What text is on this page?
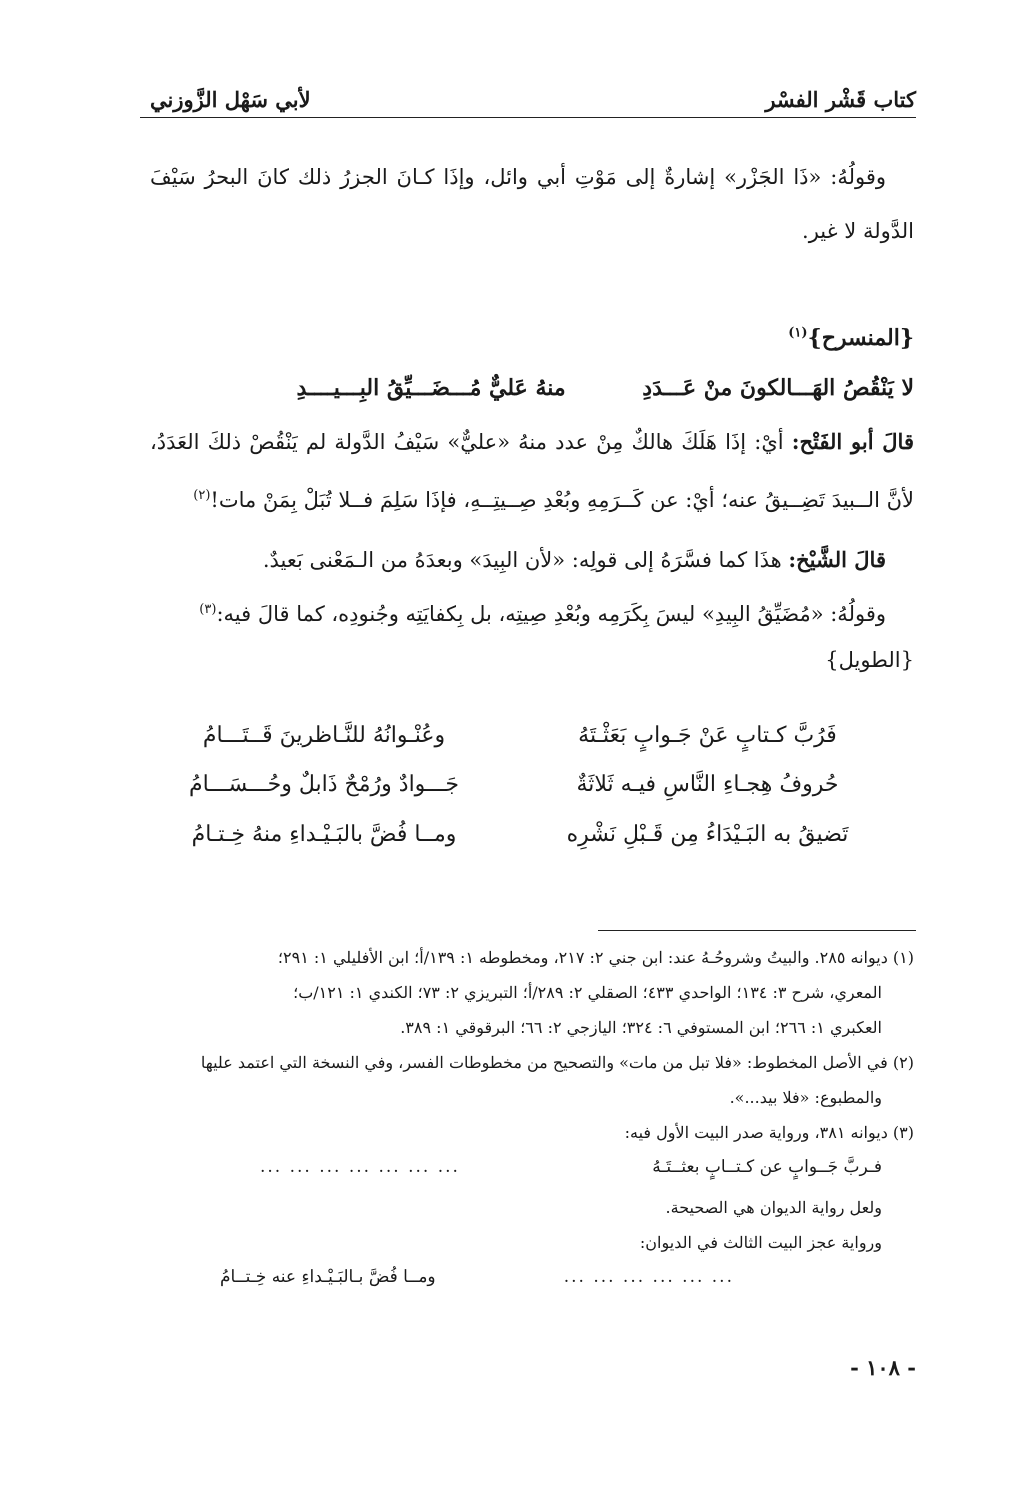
كتاب قَشْر الفسْر
لأبي سَهْل الزَّوزني

وقولُهُ: «ذَا الجَزْر» إشارةٌ إلى مَوْتِ أبي وائل، وإذَا كـانَ الجزرُ ذلك كانَ البحرُ سَيْفَ الدَّولة لا غير.

{المنسرح}$^{(١)}$
لا يَنْقُصُ الهَـــالكونَ منْ عَـــدَدِ          منهُ عَليٌّ مُـــضَـــيِّقُ البِـــيــــدِ

قالَ أبو الفَتْح: أيْ: إذَا هَلَكَ هالكٌ مِنْ عدد منهُ «عليٌّ» سَيْفُ الدَّولة لم يَنْقُصْ ذلكَ العَدَدُ، لأنَّ الــبيدَ تَضِــيقُ عنه؛ أيْ: عن كَــرَمِهِ وبُعْدِ صِــيتِــهِ، فإذَا سَلِمَ فــلا تُبَلْ بِمَنْ مات!$^{(٢)}$

قالَ الشَّيْخ: هذَا كما فسَّرَهُ إلى قولِه: «لأن البِيدَ» وبعدَهُ من الـمَعْنى بَعيدٌ.

وقولُهُ: «مُضَيِّقُ البِيدِ» ليسَ بِكَرَمِه وبُعْدِ صِيتِه، بل بِكفايَتِه وجُنودِه، كما قالَ فيه:$^{(٣)}$

{الطويل}

فَرُبَّ كـتابٍ عَنْ جَـوابٍ بَعَثْـتَهُ
وعُنْـوانُهُ للنَّـاظرينَ قَــتَـــامُ
حُروفُ هِجـاءِ النَّاسِ فيـه ثَلاثَةٌ
جَـــوادٌ ورُمْحٌ ذَابلٌ وحُـــسَـــامُ
تَضيقُ به البَـيْدَاءُ مِن قَـبْلِ نَشْرِه
ومــا فُضَّ بالبَـيْـداءِ منهُ خِـتـامُ

(١) ديوانه ٢٨٥. والبيتُ وشروحُـهُ عند: ابن جني ٢: ٢١٧، ومخطوطه ١: ١٣٩/أ؛ ابن الأفليلي ١: ٢٩١؛

المعري، شرح ٣: ١٣٤؛ الواحدي ٤٣٣؛ الصقلي ٢: ٢٨٩/أ؛ التبريزي ٢: ٧٣؛ الكندي ١: ١٢١/ب؛

العكبري ١: ٢٦٦؛ ابن المستوفي ٦: ٣٢٤؛ اليازجي ٢: ٦٦؛ البرقوقي ١: ٣٨٩.

(٢) في الأصل المخطوط: «فلا تبل من مات» والتصحيح من مخطوطات الفسر، وفي النسخة التي اعتمد عليها

والمطبوع: «فلا بيد...».

(٣) ديوانه ٣٨١، ورواية صدر البيت الأول فيه:

فـربَّ جَــوابٍ عن كـتــابٍ بعثــتَـهُ
... ... ... ... ... ... ...

ولعل رواية الديوان هي الصحيحة.

ورواية عجز البيت الثالث في الديوان:

... ... ... ... ... ...
ومــا فُضَّ بـالبَـيْـداءِ عنه خِـتــامُ
- ١٠٨ -
